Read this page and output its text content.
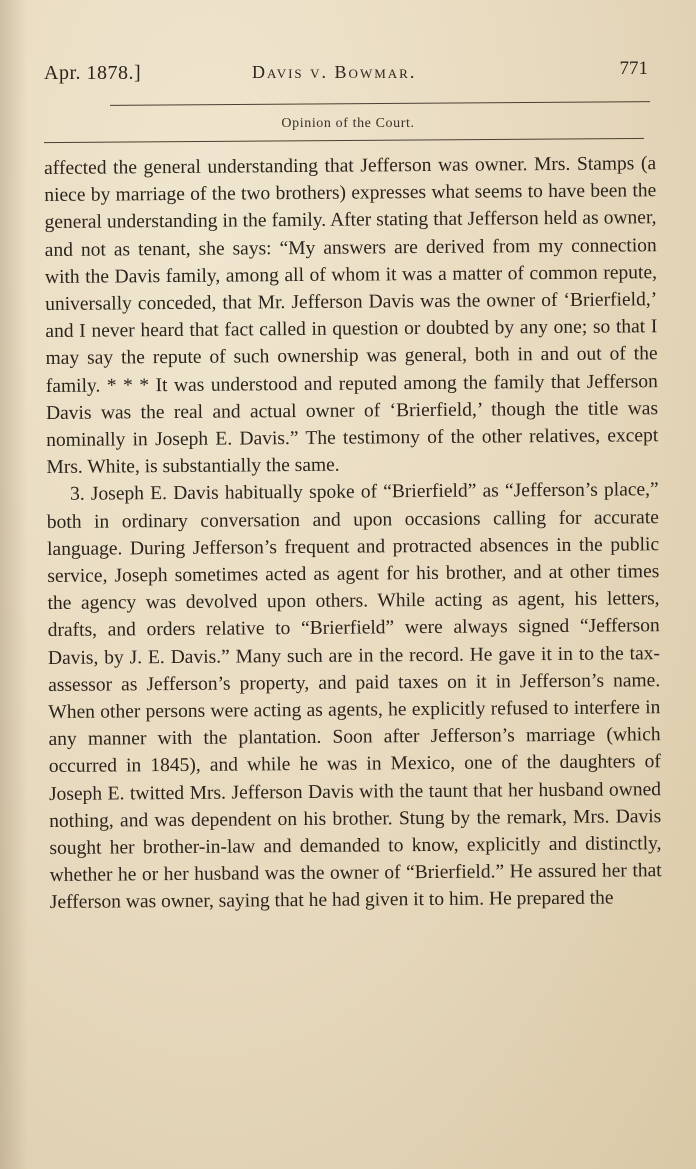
Apr. 1878.]	Davis v. Bowmar.	771
Opinion of the Court.

affected the general understanding that Jefferson was owner. Mrs. Stamps (a niece by marriage of the two brothers) expresses what seems to have been the general understanding in the family. After stating that Jefferson held as owner, and not as tenant, she says: “My answers are derived from my connection with the Davis family, among all of whom it was a matter of common repute, universally conceded, that Mr. Jefferson Davis was the owner of ‘Brierfield,’ and I never heard that fact called in question or doubted by any one; so that I may say the repute of such ownership was general, both in and out of the family. * * * It was understood and reputed among the family that Jefferson Davis was the real and actual owner of ‘Brierfield,’ though the title was nominally in Joseph E. Davis.” The testimony of the other relatives, except Mrs. White, is substantially the same.

3. Joseph E. Davis habitually spoke of “Brierfield” as “Jefferson’s place,” both in ordinary conversation and upon occasions calling for accurate language. During Jefferson’s frequent and protracted absences in the public service, Joseph sometimes acted as agent for his brother, and at other times the agency was devolved upon others. While acting as agent, his letters, drafts, and orders relative to “Brierfield” were always signed “Jefferson Davis, by J. E. Davis.” Many such are in the record. He gave it in to the tax-assessor as Jefferson’s property, and paid taxes on it in Jefferson’s name. When other persons were acting as agents, he explicitly refused to interfere in any manner with the plantation. Soon after Jefferson’s marriage (which occurred in 1845), and while he was in Mexico, one of the daughters of Joseph E. twitted Mrs. Jefferson Davis with the taunt that her husband owned nothing, and was dependent on his brother. Stung by the remark, Mrs. Davis sought her brother-in-law and demanded to know, explicitly and distinctly, whether he or her husband was the owner of “Brierfield.” He assured her that Jefferson was owner, saying that he had given it to him. He prepared the
